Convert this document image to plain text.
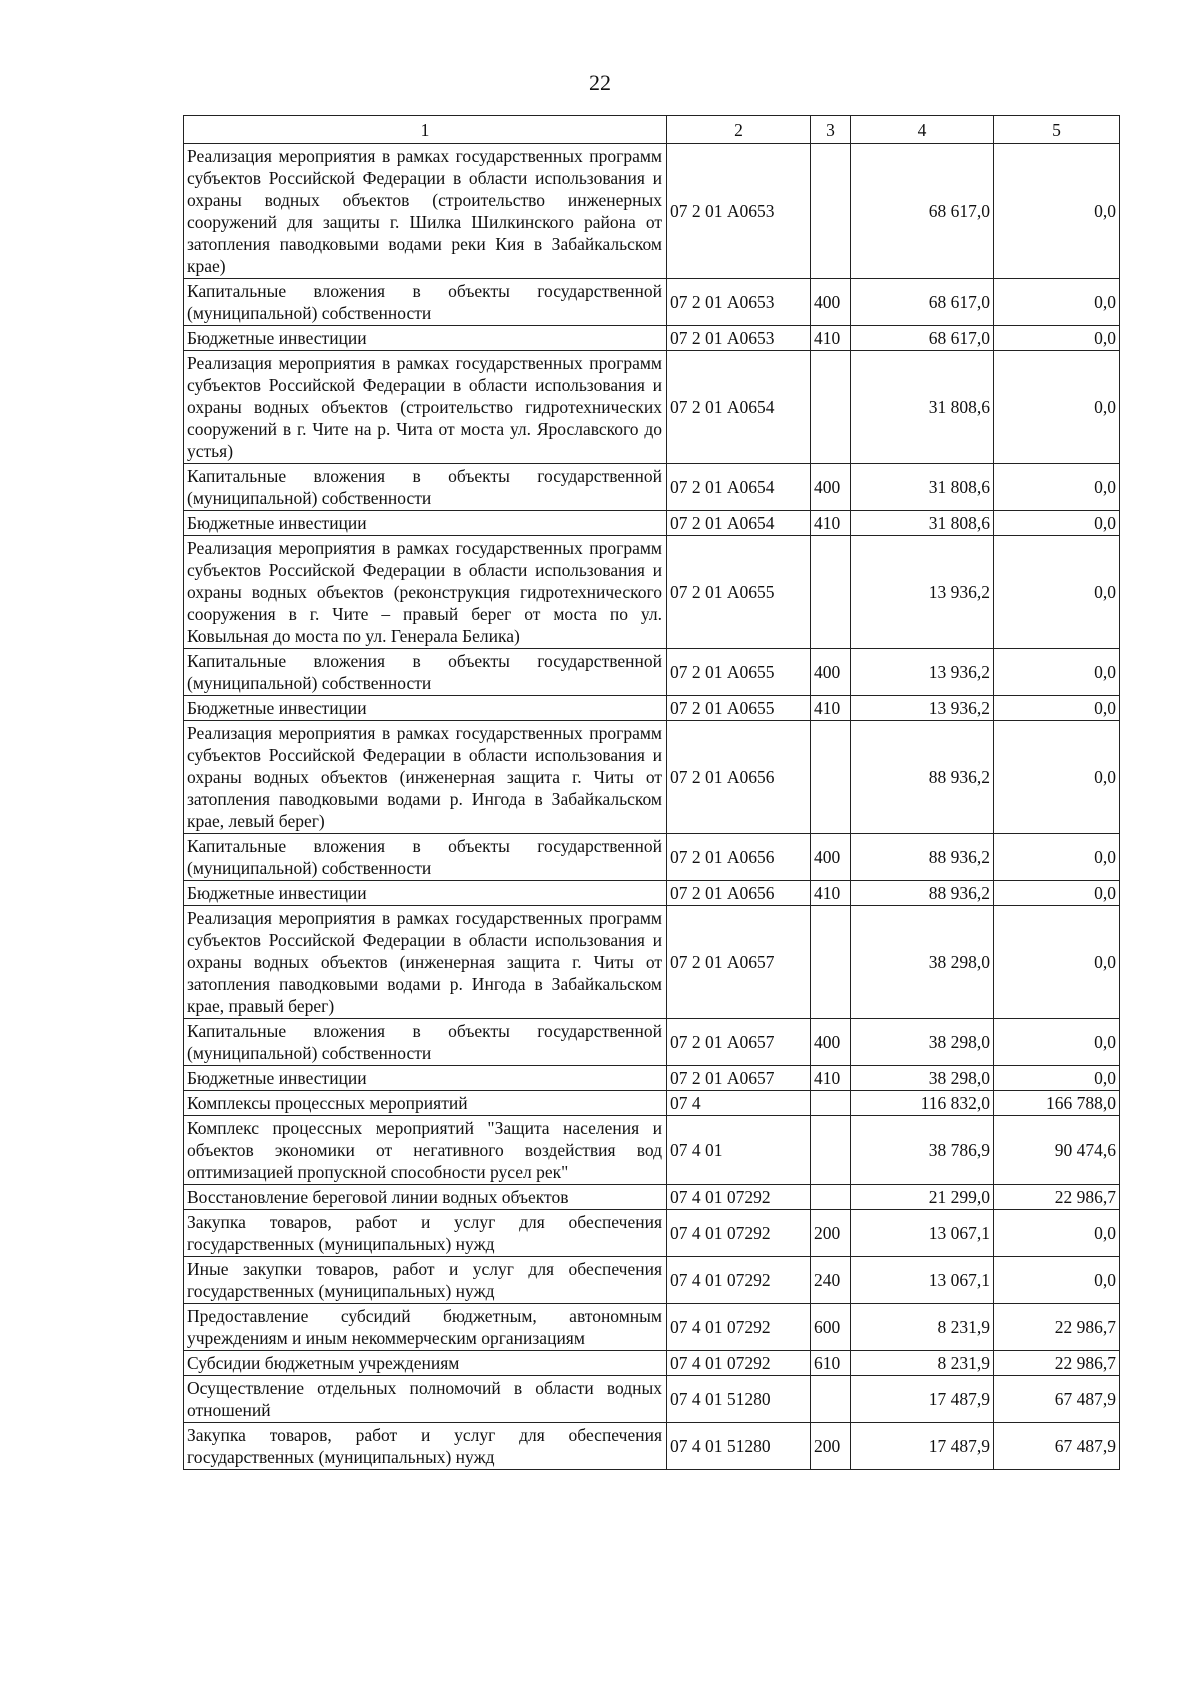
22
1	2	3	4	5
Реализация мероприятия в рамках государственных программ субъектов Российской Федерации в области использования и охраны водных объектов (строительство инженерных сооружений для защиты г. Шилка Шилкинского района от затопления паводковыми водами реки Кия в Забайкальском крае)	07 2 01 А0653		68 617,0	0,0
Капитальные вложения в объекты государственной (муниципальной) собственности	07 2 01 А0653	400	68 617,0	0,0
Бюджетные инвестиции	07 2 01 А0653	410	68 617,0	0,0
Реализация мероприятия в рамках государственных программ субъектов Российской Федерации в области использования и охраны водных объектов (строительство гидротехнических сооружений в г. Чите на р. Чита от моста ул. Ярославского до устья)	07 2 01 А0654		31 808,6	0,0
Капитальные вложения в объекты государственной (муниципальной) собственности	07 2 01 А0654	400	31 808,6	0,0
Бюджетные инвестиции	07 2 01 А0654	410	31 808,6	0,0
Реализация мероприятия в рамках государственных программ субъектов Российской Федерации в области использования и охраны водных объектов (реконструкция гидротехнического сооружения в г. Чите – правый берег от моста по ул. Ковыльная до моста по ул. Генерала Белика)	07 2 01 А0655		13 936,2	0,0
Капитальные вложения в объекты государственной (муниципальной) собственности	07 2 01 А0655	400	13 936,2	0,0
Бюджетные инвестиции	07 2 01 А0655	410	13 936,2	0,0
Реализация мероприятия в рамках государственных программ субъектов Российской Федерации в области использования и охраны водных объектов (инженерная защита г. Читы от затопления паводковыми водами р. Ингода в Забайкальском крае, левый берег)	07 2 01 А0656		88 936,2	0,0
Капитальные вложения в объекты государственной (муниципальной) собственности	07 2 01 А0656	400	88 936,2	0,0
Бюджетные инвестиции	07 2 01 А0656	410	88 936,2	0,0
Реализация мероприятия в рамках государственных программ субъектов Российской Федерации в области использования и охраны водных объектов (инженерная защита г. Читы от затопления паводковыми водами р. Ингода в Забайкальском крае, правый берег)	07 2 01 А0657		38 298,0	0,0
Капитальные вложения в объекты государственной (муниципальной) собственности	07 2 01 А0657	400	38 298,0	0,0
Бюджетные инвестиции	07 2 01 А0657	410	38 298,0	0,0
Комплексы процессных мероприятий	07 4		116 832,0	166 788,0
Комплекс процессных мероприятий "Защита населения и объектов экономики от негативного воздействия вод оптимизацией пропускной способности русел рек"	07 4 01		38 786,9	90 474,6
Восстановление береговой линии водных объектов	07 4 01 07292		21 299,0	22 986,7
Закупка товаров, работ и услуг для обеспечения государственных (муниципальных) нужд	07 4 01 07292	200	13 067,1	0,0
Иные закупки товаров, работ и услуг для обеспечения государственных (муниципальных) нужд	07 4 01 07292	240	13 067,1	0,0
Предоставление субсидий бюджетным, автономным учреждениям и иным некоммерческим организациям	07 4 01 07292	600	8 231,9	22 986,7
Субсидии бюджетным учреждениям	07 4 01 07292	610	8 231,9	22 986,7
Осуществление отдельных полномочий в области водных отношений	07 4 01 51280		17 487,9	67 487,9
Закупка товаров, работ и услуг для обеспечения государственных (муниципальных) нужд	07 4 01 51280	200	17 487,9	67 487,9
